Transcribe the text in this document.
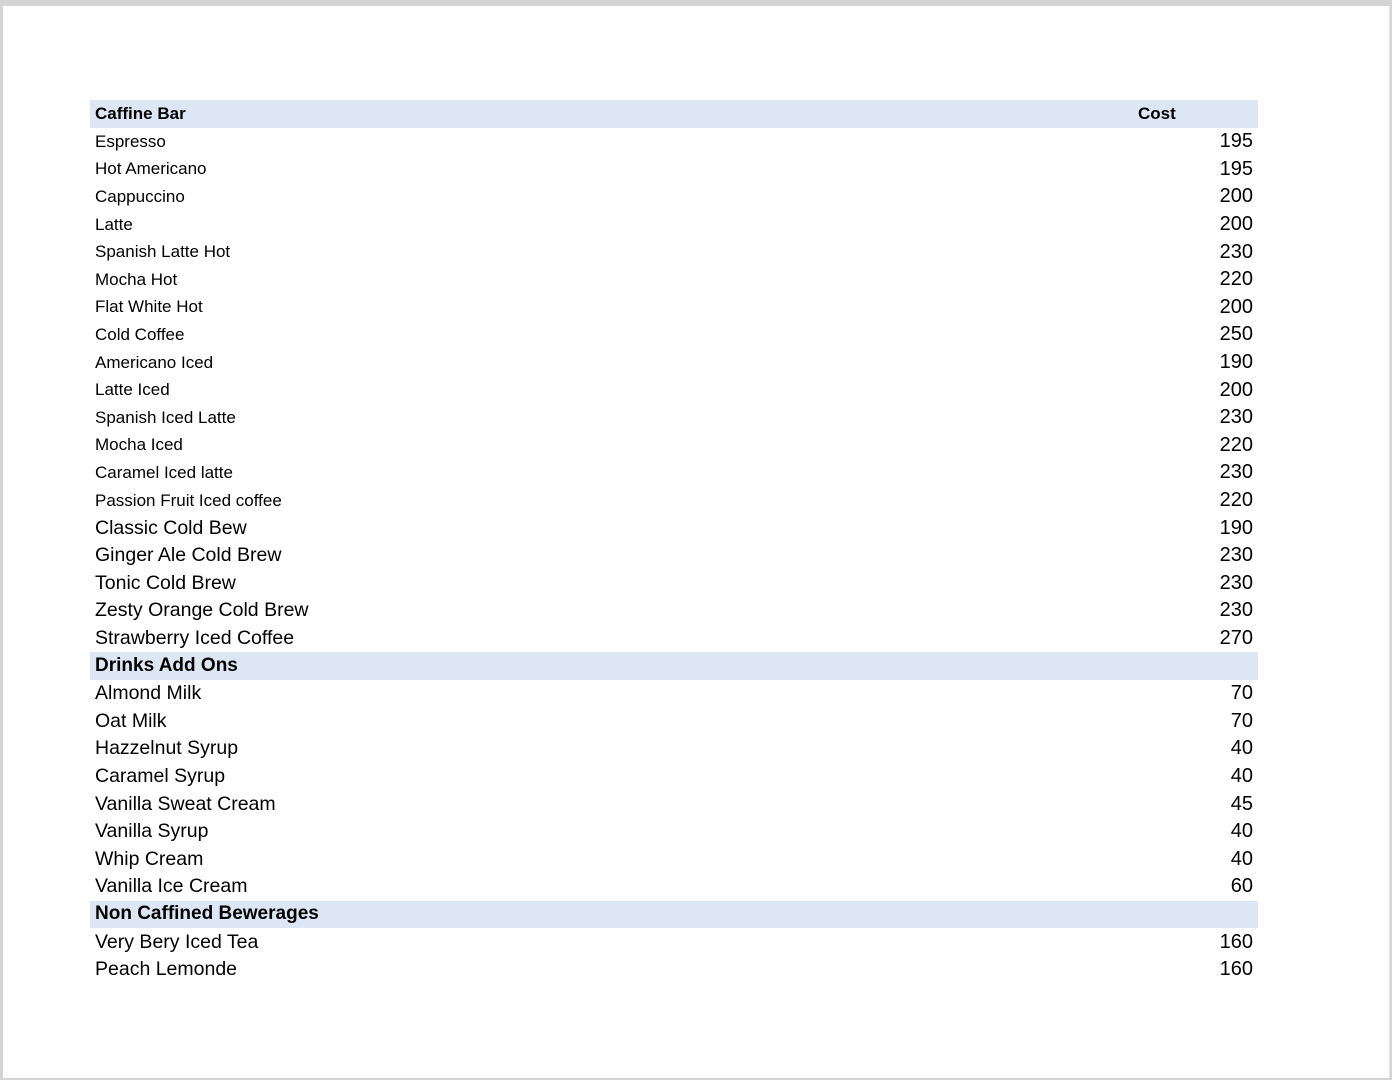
Caffine Bar	Cost
Espresso	195
Hot Americano	195
Cappuccino	200
Latte	200
Spanish Latte Hot	230
Mocha Hot	220
Flat White Hot	200
Cold Coffee	250
Americano Iced	190
Latte Iced	200
Spanish Iced Latte	230
Mocha Iced	220
Caramel Iced latte	230
Passion Fruit Iced coffee	220
Classic Cold Bew	190
Ginger Ale Cold Brew	230
Tonic Cold Brew	230
Zesty Orange Cold Brew	230
Strawberry Iced Coffee	270
Drinks Add Ons
Almond Milk	70
Oat Milk	70
Hazzelnut Syrup	40
Caramel Syrup	40
Vanilla Sweat Cream	45
Vanilla Syrup	40
Whip Cream	40
Vanilla Ice Cream	60
Non Caffined Bewerages
Very Bery Iced Tea	160
Peach Lemonde	160
